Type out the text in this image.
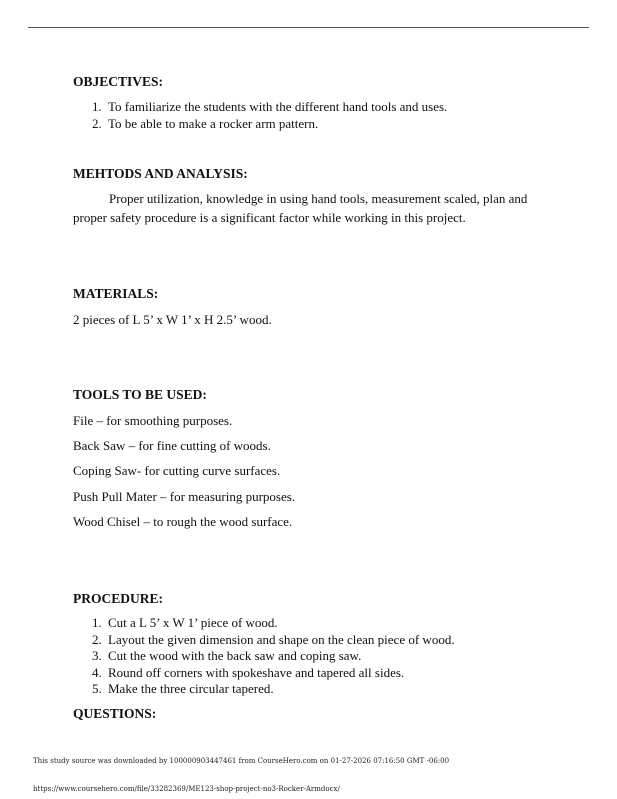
OBJECTIVES:
1. To familiarize the students with the different hand tools and uses.
2. To be able to make a rocker arm pattern.
MEHTODS AND ANALYSIS:
Proper utilization, knowledge in using hand tools, measurement scaled, plan and proper safety procedure is a significant factor while working in this project.
MATERIALS:
2 pieces of L 5’ x W 1’ x H 2.5’ wood.
TOOLS TO BE USED:
File – for smoothing purposes.
Back Saw – for fine cutting of woods.
Coping Saw- for cutting curve surfaces.
Push Pull Mater – for measuring purposes.
Wood Chisel – to rough the wood surface.
PROCEDURE:
1. Cut a L 5’ x W 1’ piece of wood.
2. Layout the given dimension and shape on the clean piece of wood.
3. Cut the wood with the back saw and coping saw.
4. Round off corners with spokeshave and tapered all sides.
5. Make the three circular tapered.
QUESTIONS:
This study source was downloaded by 100000903447461 from CourseHero.com on 01-27-2026 07:16:50 GMT -06:00
https://www.coursehero.com/file/33282369/ME123-shop-project-no3-Rocker-Armdocx/
